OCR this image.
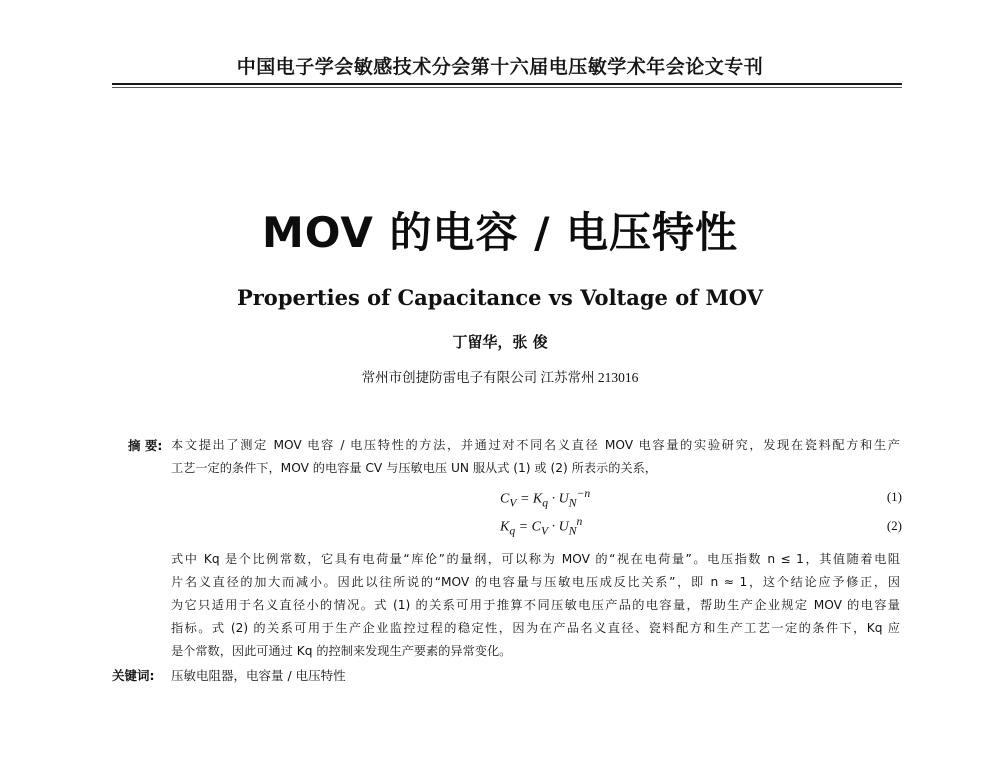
中国电子学会敏感技术分会第十六届电压敏学术年会论文专刊
MOV 的电容 / 电压特性
Properties of Capacitance vs Voltage of MOV
丁留华，张 俊
常州市创捷防雷电子有限公司 江苏常州 213016
摘 要: 本文提出了测定 MOV 电容 / 电压特性的方法，并通过对不同名义直径 MOV 电容量的实验研究，发现在瓷料配方和生产
工艺一定的条件下，MOV 的电容量 CV 与压敏电压 UN 服从式 (1) 或 (2) 所表示的关系，
$C_V = K_q \cdot U_N^{-n}$	(1)
$K_q = C_V \cdot U_N^n$	(2)
式中 Kq 是个比例常数，它具有电荷量“库伦”的量纲，可以称为 MOV 的“视在电荷量”。电压指数 n ≤ 1，其值随着电阻
片名义直径的加大而减小。因此以往所说的“MOV 的电容量与压敏电压成反比关系”，即 n ≈ 1，这个结论应予修正，因
为它只适用于名义直径小的情况。式 (1) 的关系可用于推算不同压敏电压产品的电容量，帮助生产企业规定 MOV 的电容量
指标。式 (2) 的关系可用于生产企业监控过程的稳定性，因为在产品名义直径、瓷料配方和生产工艺一定的条件下，Kq 应
是个常数，因此可通过 Kq 的控制来发现生产要素的异常变化。
关键词: 压敏电阻器，电容量 / 电压特性
